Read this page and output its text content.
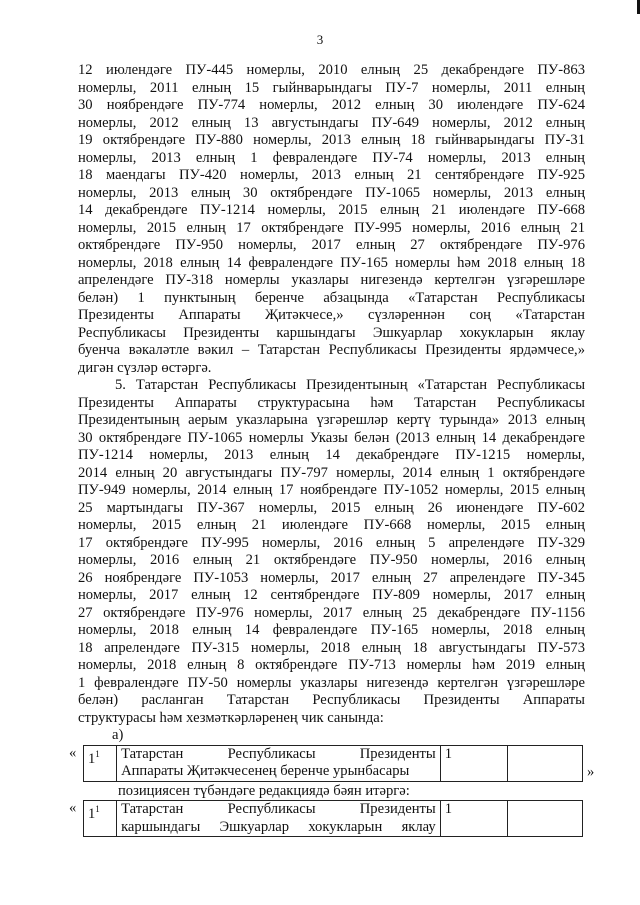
3
12 июлендәге ПУ-445 номерлы, 2010 елның 25 декабрендәге ПУ-863
номерлы, 2011 елның 15 гыйнварындагы ПУ-7 номерлы, 2011 елның
30 ноябрендәге ПУ-774 номерлы, 2012 елның 30 июлендәге ПУ-624
номерлы, 2012 елның 13 августындагы ПУ-649 номерлы, 2012 елның
19 октябрендәге ПУ-880 номерлы, 2013 елның 18 гыйнварындагы ПУ-31
номерлы, 2013 елның 1 февралендәге ПУ-74 номерлы, 2013 елның
18 маендагы ПУ-420 номерлы, 2013 елның 21 сентябрендәге ПУ-925
номерлы, 2013 елның 30 октябрендәге ПУ-1065 номерлы, 2013 елның
14 декабрендәге ПУ-1214 номерлы, 2015 елның 21 июлендәге ПУ-668
номерлы, 2015 елның 17 октябрендәге ПУ-995 номерлы, 2016 елның 21
октябрендәге ПУ-950 номерлы, 2017 елның 27 октябрендәге ПУ-976
номерлы, 2018 елның 14 февралендәге ПУ-165 номерлы һәм 2018 елның 18
апрелендәге ПУ-318 номерлы указлары нигезендә кертелгән үзгәрешләре
белән) 1 пунктының беренче абзацында «Татарстан Республикасы
Президенты Аппараты Җитәкчесе,» сүзләреннән соң «Татарстан
Республикасы Президенты каршындагы Эшкуарлар хокукларын яклау
буенча вәкаләтле вәкил – Татарстан Республикасы Президенты ярдәмчесе,»
дигән сүзләр өстәргә.
5. Татарстан Республикасы Президентының «Татарстан Республикасы
Президенты Аппараты структурасына һәм Татарстан Республикасы
Президентының аерым указларына үзгәрешләр кертү турында» 2013 елның
30 октябрендәге ПУ-1065 номерлы Указы белән (2013 елның 14 декабрендәге
ПУ-1214 номерлы, 2013 елның 14 декабрендәге ПУ-1215 номерлы,
2014 елның 20 августындагы ПУ-797 номерлы, 2014 елның 1 октябрендәге
ПУ-949 номерлы, 2014 елның 17 ноябрендәге ПУ-1052 номерлы, 2015 елның
25 мартындагы ПУ-367 номерлы, 2015 елның 26 июнендәге ПУ-602
номерлы, 2015 елның 21 июлендәге ПУ-668 номерлы, 2015 елның
17 октябрендәге ПУ-995 номерлы, 2016 елның 5 апрелендәге ПУ-329
номерлы, 2016 елның 21 октябрендәге ПУ-950 номерлы, 2016 елның
26 ноябрендәге ПУ-1053 номерлы, 2017 елның 27 апрелендәге ПУ-345
номерлы, 2017 елның 12 сентябрендәге ПУ-809 номерлы, 2017 елның
27 октябрендәге ПУ-976 номерлы, 2017 елның 25 декабрендәге ПУ-1156
номерлы, 2018 елның 14 февралендәге ПУ-165 номерлы, 2018 елның
18 апрелендәге ПУ-315 номерлы, 2018 елның 18 августындагы ПУ-573
номерлы, 2018 елның 8 октябрендәге ПУ-713 номерлы һәм 2019 елның
1 февралендәге ПУ-50 номерлы указлары нигезендә кертелгән үзгәрешләре
белән) расланган Татарстан Республикасы Президенты Аппараты
структурасы һәм хезмәткәрләренең чик санында:
а)
« $1^1$	Татарстан Республикасы Президенты
Аппараты Җитәкчесенең беренче урынбасары
	1	
»
позициясен түбәндәге редакциядә бәян итәргә:
« $1^1$	Татарстан Республикасы Президенты
каршындагы Эшкуарлар хокукларын яклау
	1	
